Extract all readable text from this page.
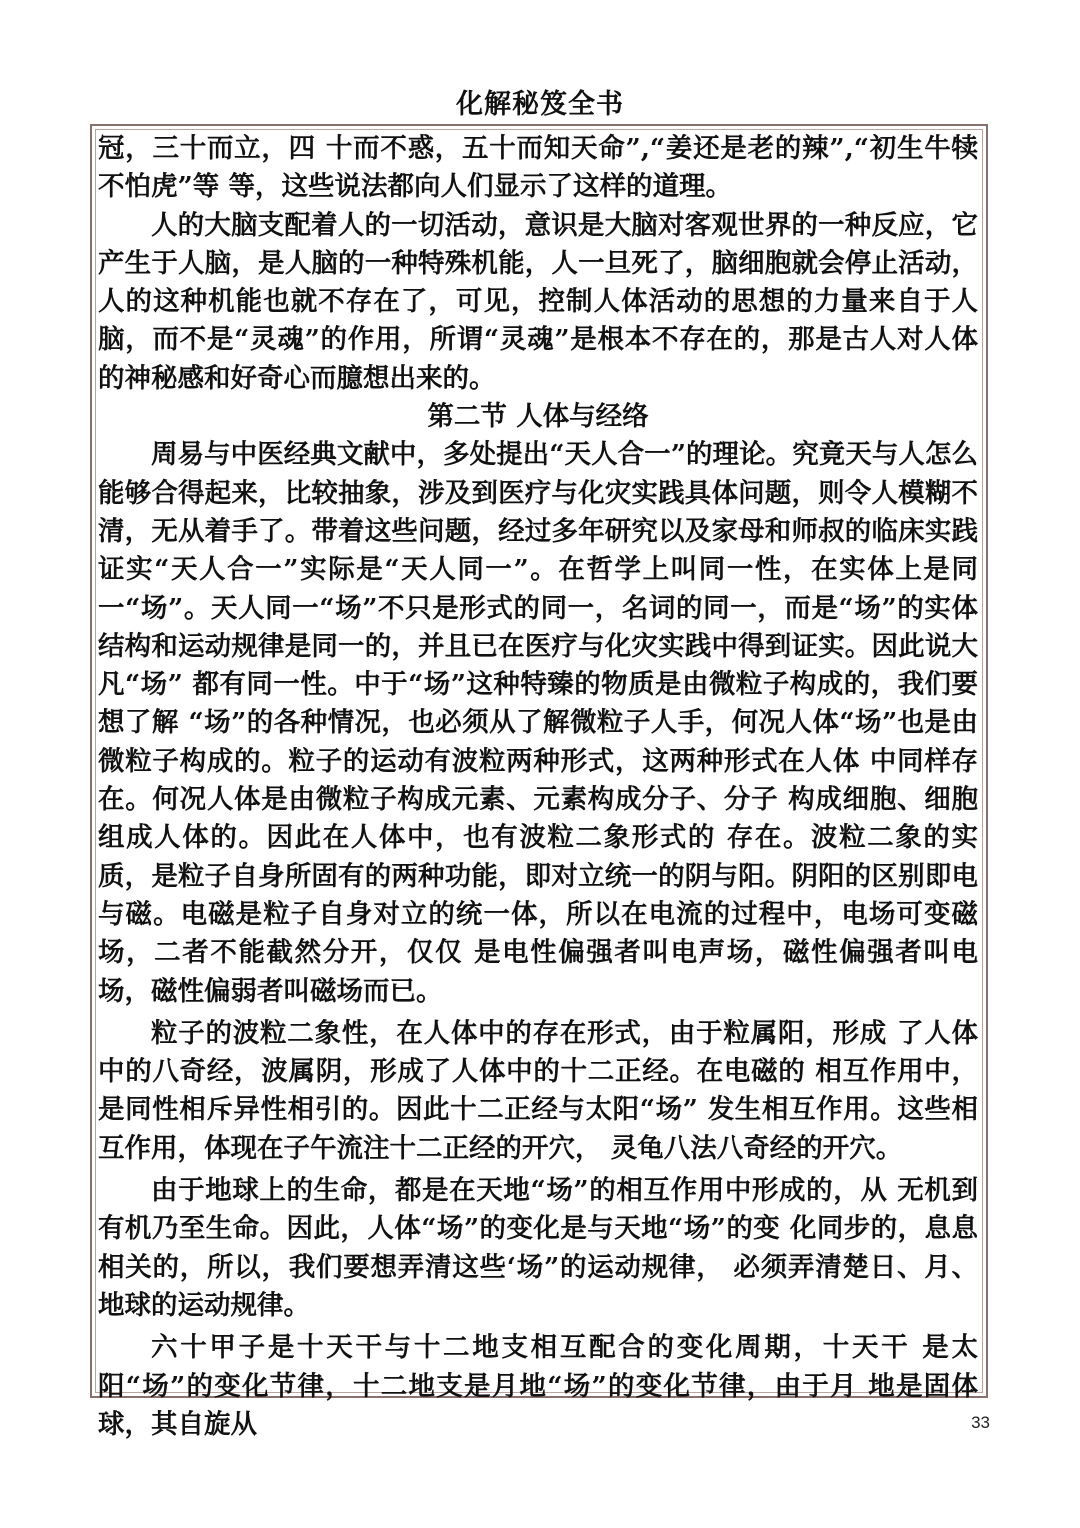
化解秘笈全书

冠，三十而立，四 十而不惑，五十而知天命”,“姜还是老的辣”,“初生牛犊不怕虎”等 等，这些说法都向人们显示了这样的道理。

人的大脑支配着人的一切活动，意识是大脑对客观世界的一种反应，它产生于人脑，是人脑的一种特殊机能，人一旦死了，脑细胞就会停止活动，人的这种机能也就不存在了，可见，控制人体活动的思想的力量来自于人脑，而不是“灵魂”的作用，所谓“灵魂”是根本不存在的，那是古人对人体的神秘感和好奇心而臆想出来的。

第二节 人体与经络

周易与中医经典文献中，多处提出“天人合一”的理论。究竟天与人怎么能够合得起来，比较抽象，涉及到医疗与化灾实践具体问题，则令人模糊不清，无从着手了。带着这些问题，经过多年研究以及家母和师叔的临床实践证实“天人合一”实际是“天人同一”。在哲学上叫同一性，在实体上是同一“场”。天人同一“场”不只是形式的同一，名词的同一，而是“场”的实体结构和运动规律是同一的，并且已在医疗与化灾实践中得到证实。因此说大凡“场” 都有同一性。中于“场”这种特臻的物质是由微粒子构成的，我们要想了解 “场”的各种情况，也必须从了解微粒子人手，何况人体“场”也是由微粒子构成的。粒子的运动有波粒两种形式，这两种形式在人体 中同样存在。何况人体是由微粒子构成元素、元素构成分子、分子 构成细胞、细胞组成人体的。因此在人体中，也有波粒二象形式的 存在。波粒二象的实质，是粒子自身所固有的两种功能，即对立统一的阴与阳。阴阳的区别即电与磁。电磁是粒子自身对立的统一体，所以在电流的过程中，电场可变磁场，二者不能截然分开，仅仅 是电性偏强者叫电声场，磁性偏强者叫电场，磁性偏弱者叫磁场而已。

粒子的波粒二象性，在人体中的存在形式，由于粒属阳，形成 了人体中的八奇经，波属阴，形成了人体中的十二正经。在电磁的 相互作用中，是同性相斥异性相引的。因此十二正经与太阳“场” 发生相互作用。这些相互作用，体现在子午流注十二正经的开穴， 灵龟八法八奇经的开穴。

由于地球上的生命，都是在天地“场”的相互作用中形成的，从 无机到有机乃至生命。因此，人体“场”的变化是与天地“场”的变 化同步的，息息相关的，所以，我们要想弄清这些‘场”的运动规律， 必须弄清楚日、月、地球的运动规律。

六十甲子是十天干与十二地支相互配合的变化周期，十天干 是太阳“场”的变化节律，十二地支是月地“场”的变化节律，由于月 地是固体球，其自旋从	33
